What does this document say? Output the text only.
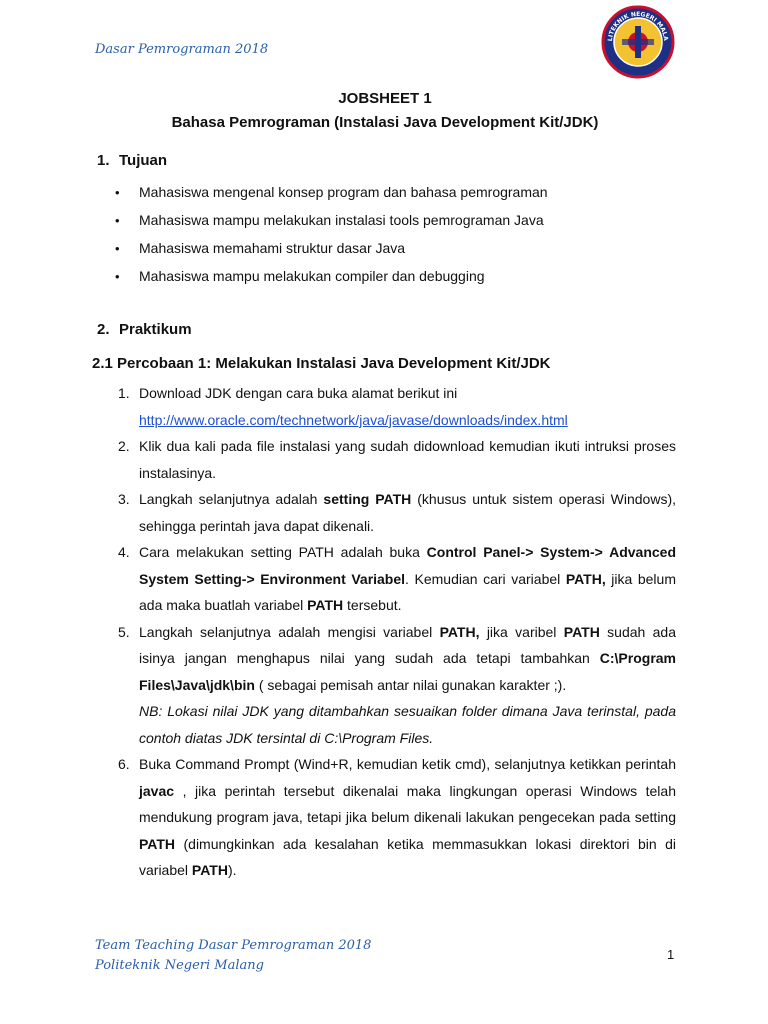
Dasar Pemrograman 2018
LITEKNIK NEGERI MALA
JOBSHEET 1
Bahasa Pemrograman (Instalasi Java Development Kit/JDK)
1. Tujuan
• Mahasiswa mengenal konsep program dan bahasa pemrograman
• Mahasiswa mampu melakukan instalasi tools pemrograman Java
• Mahasiswa memahami struktur dasar Java
• Mahasiswa mampu melakukan compiler dan debugging
2. Praktikum
2.1 Percobaan 1: Melakukan Instalasi Java Development Kit/JDK
1. Download JDK dengan cara buka alamat berikut ini
http://www.oracle.com/technetwork/java/javase/downloads/index.html
2. Klik dua kali pada file instalasi yang sudah didownload kemudian ikuti intruksi proses instalasinya.
3. Langkah selanjutnya adalah setting PATH (khusus untuk sistem operasi Windows), sehingga perintah java dapat dikenali.
4. Cara melakukan setting PATH adalah buka Control Panel-> System-> Advanced System Setting-> Environment Variabel. Kemudian cari variabel PATH, jika belum ada maka buatlah variabel PATH tersebut.
5. Langkah selanjutnya adalah mengisi variabel PATH, jika varibel PATH sudah ada isinya jangan menghapus nilai yang sudah ada tetapi tambahkan C:\Program Files\Java\jdk\bin ( sebagai pemisah antar nilai gunakan karakter ;).
NB: Lokasi nilai JDK yang ditambahkan sesuaikan folder dimana Java terinstal, pada contoh diatas JDK tersintal di C:\Program Files.
6. Buka Command Prompt (Wind+R, kemudian ketik cmd), selanjutnya ketikkan perintah javac , jika perintah tersebut dikenalai maka lingkungan operasi Windows telah mendukung program java, tetapi jika belum dikenali lakukan pengecekan pada setting PATH (dimungkinkan ada kesalahan ketika memmasukkan lokasi direktori bin di variabel PATH).
Team Teaching Dasar Pemrograman 2018
Politeknik Negeri Malang
1
